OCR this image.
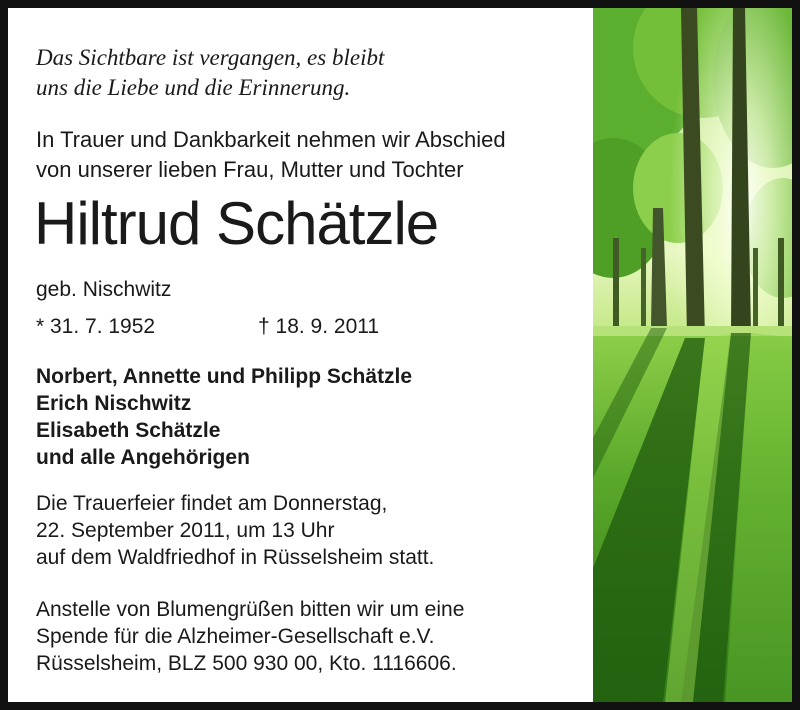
Das Sichtbare ist vergangen, es bleibt
uns die Liebe und die Erinnerung.
In Trauer und Dankbarkeit nehmen wir Abschied
von unserer lieben Frau, Mutter und Tochter
Hiltrud Schätzle
geb. Nischwitz
* 31. 7. 1952	† 18. 9. 2011
Norbert, Annette und Philipp Schätzle
Erich Nischwitz
Elisabeth Schätzle
und alle Angehörigen
Die Trauerfeier findet am Donnerstag,
22. September 2011, um 13 Uhr
auf dem Waldfriedhof in Rüsselsheim statt.
Anstelle von Blumengrüßen bitten wir um eine
Spende für die Alzheimer-Gesellschaft e.V.
Rüsselsheim, BLZ 500 930 00, Kto. 1116606.
